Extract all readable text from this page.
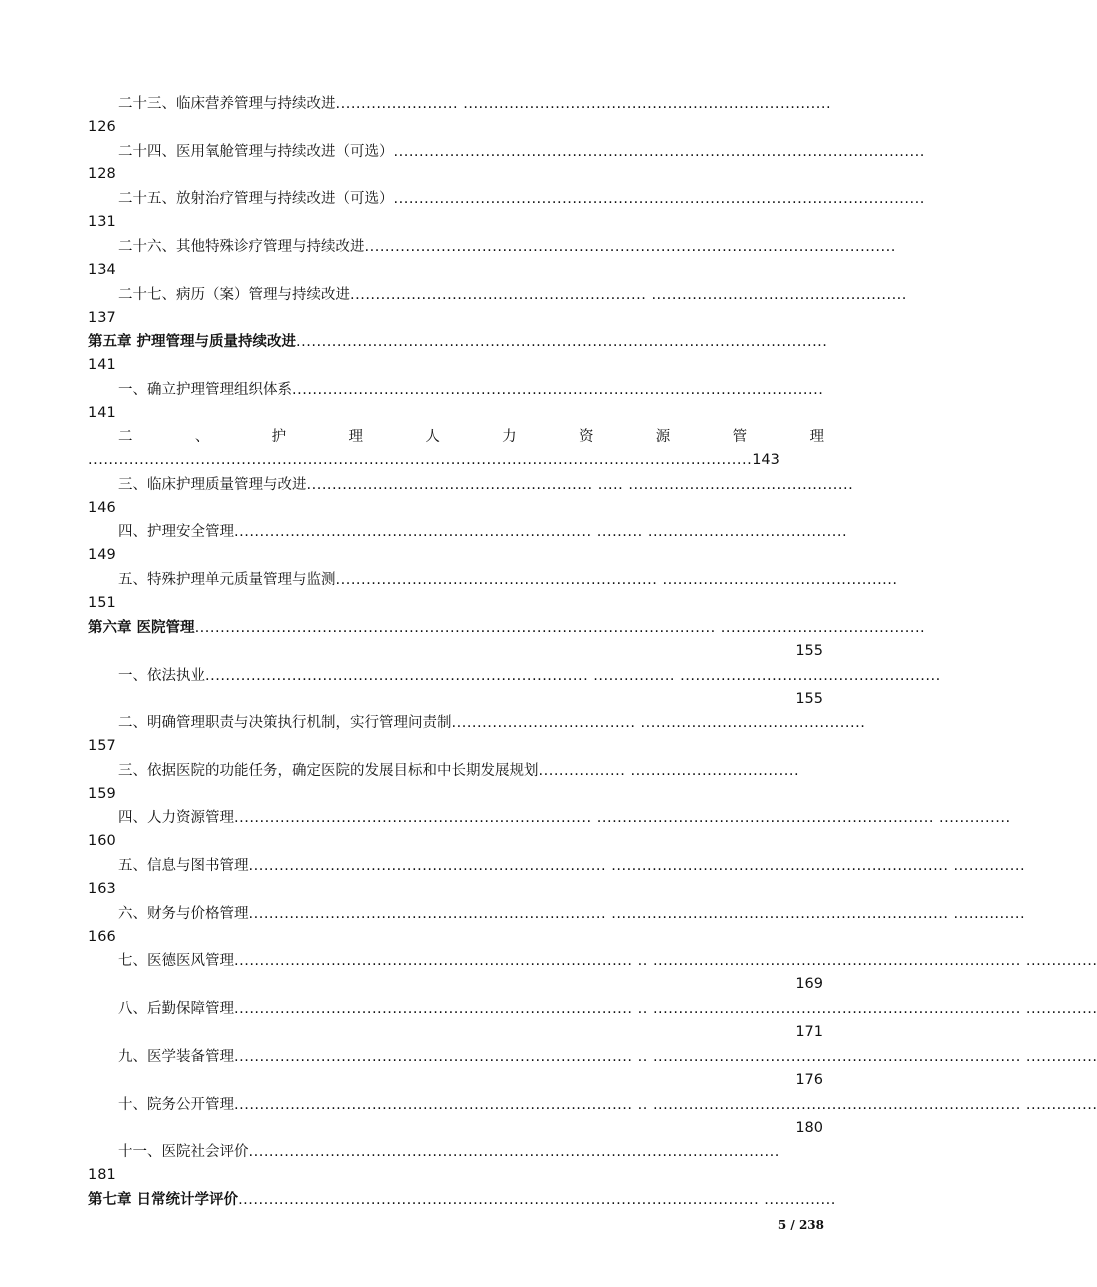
二十三、临床营养管理与持续改进 ........................ ........................................................................
126
二十四、医用氧舱管理与持续改进（可选） ........................................................................................................
128
二十五、放射治疗管理与持续改进（可选） ........................................................................................................
131
二十六、其他特殊诊疗管理与持续改进 ........................................................................................................
134
二十七、病历（案）管理与持续改进 .......................................................... ..................................................
137
第五章 护理管理与质量持续改进 ........................................................................................................
141
一、确立护理管理组织体系 ........................................................................................................
141
二	、	护	理	人	力	资	源	管	理
.................................................................................................................................. 143
三、临床护理质量管理与改进 ........................................................ ..... ............................................
146
四、护理安全管理 ...................................................................... ......... .......................................
149
五、特殊护理单元质量管理与监测 ............................................................... ..............................................
151
第六章 医院管理 ...................................................................................................... ........................................
155
一、依法执业 ........................................................................... ................ ...................................................
155
二、明确管理职责与决策执行机制，实行管理问责制 .................................... ............................................
157
三、依据医院的功能任务，确定医院的发展目标和中长期发展规划 ................. .................................
159
四、人力资源管理 ...................................................................... .................................................................. ..............
160
五、信息与图书管理 ...................................................................... .................................................................. ..............
163
六、财务与价格管理 ...................................................................... .................................................................. ..............
166
七、医德医风管理 .............................................................................. .. ........................................................................ ..............
169
八、后勤保障管理 .............................................................................. .. ........................................................................ ..............
171
九、医学装备管理 .............................................................................. .. ........................................................................ ..............
176
十、院务公开管理 .............................................................................. .. ........................................................................ ..............
180
十一、医院社会评价 ........................................................................................................
181
第七章 日常统计学评价 ...................................................................................................... ..............
5 / 238
